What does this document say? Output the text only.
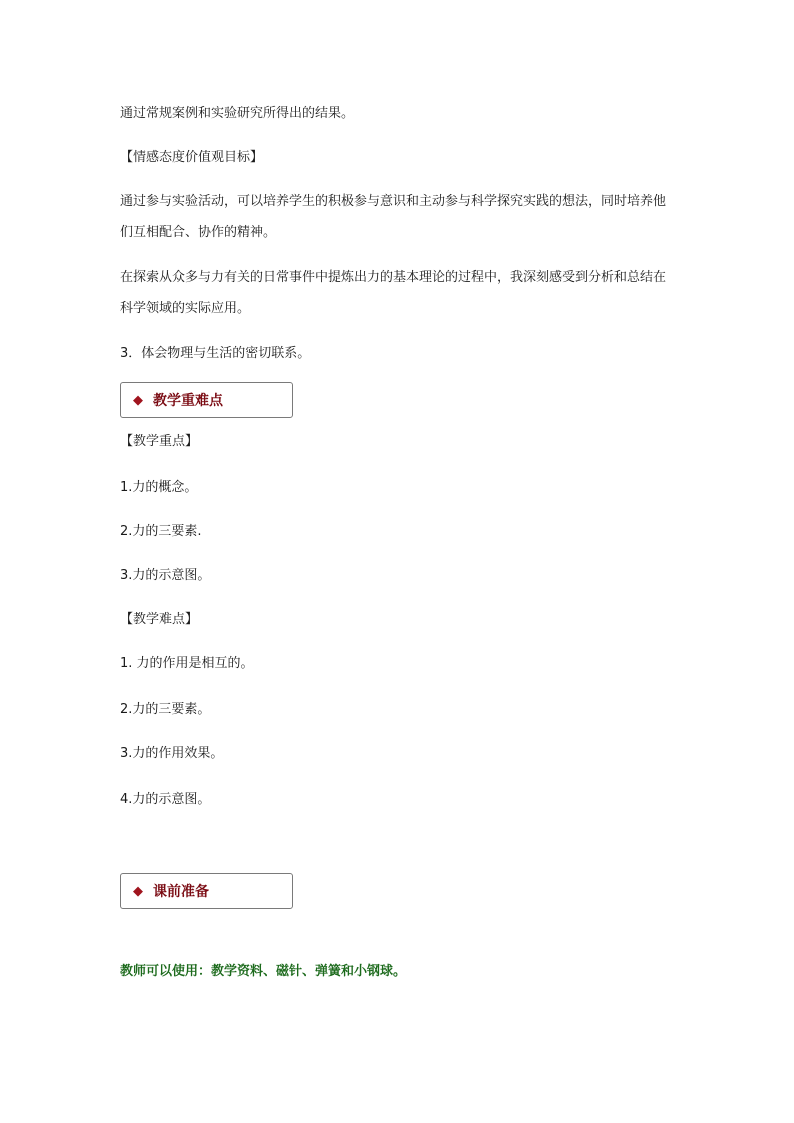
通过常规案例和实验研究所得出的结果。

【情感态度价值观目标】

通过参与实验活动，可以培养学生的积极参与意识和主动参与科学探究实践的想法，同时培养他们互相配合、协作的精神。

在探索从众多与力有关的日常事件中提炼出力的基本理论的过程中，我深刻感受到分析和总结在科学领域的实际应用。

3．体会物理与生活的密切联系。

◆ 教学重难点

【教学重点】

1.力的概念。

2.力的三要素.

3.力的示意图。

【教学难点】

1. 力的作用是相互的。

2.力的三要素。

3.力的作用效果。

4.力的示意图。

◆ 课前准备

教师可以使用：教学资料、磁针、弹簧和小钢球。
